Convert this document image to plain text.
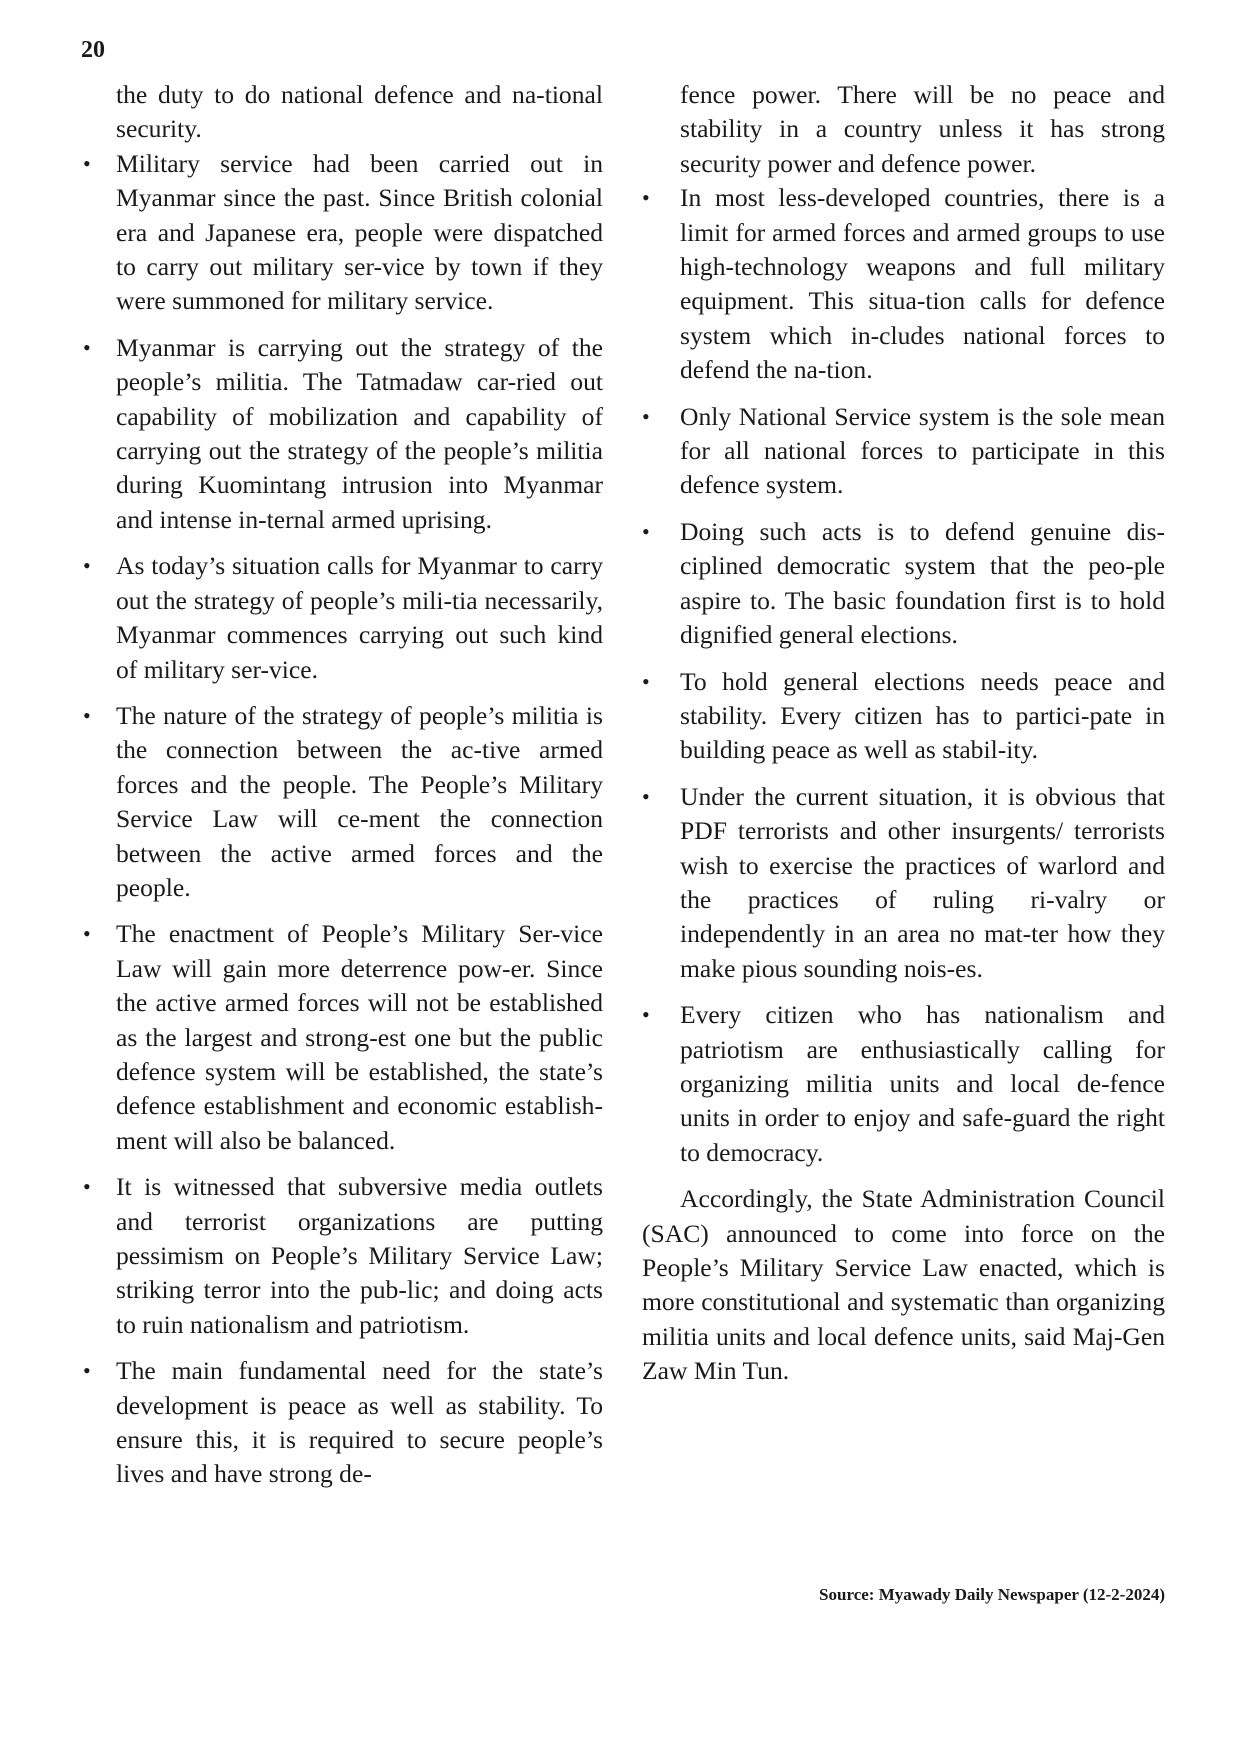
20

the duty to do national defence and na-tional security.

• Military service had been carried out in Myanmar since the past. Since British colonial era and Japanese era, people were dispatched to carry out military ser-vice by town if they were summoned for military service.
• Myanmar is carrying out the strategy of the people’s militia. The Tatmadaw car-ried out capability of mobilization and capability of carrying out the strategy of the people’s militia during Kuomintang intrusion into Myanmar and intense in-ternal armed uprising.
• As today’s situation calls for Myanmar to carry out the strategy of people’s mili-tia necessarily, Myanmar commences carrying out such kind of military ser-vice.
• The nature of the strategy of people’s militia is the connection between the ac-tive armed forces and the people. The People’s Military Service Law will ce-ment the connection between the active armed forces and the people.
• The enactment of People’s Military Ser-vice Law will gain more deterrence pow-er. Since the active armed forces will not be established as the largest and strong-est one but the public defence system will be established, the state’s defence establishment and economic establish-ment will also be balanced.
• It is witnessed that subversive media outlets and terrorist organizations are putting pessimism on People’s Military Service Law; striking terror into the pub-lic; and doing acts to ruin nationalism and patriotism.
• The main fundamental need for the state’s development is peace as well as stability. To ensure this, it is required to secure people’s lives and have strong de-

fence power. There will be no peace and stability in a country unless it has strong security power and defence power.

• In most less-developed countries, there is a limit for armed forces and armed groups to use high-technology weapons and full military equipment. This situa-tion calls for defence system which in-cludes national forces to defend the na-tion.
• Only National Service system is the sole mean for all national forces to participate in this defence system.
• Doing such acts is to defend genuine dis-ciplined democratic system that the peo-ple aspire to. The basic foundation first is to hold dignified general elections.
• To hold general elections needs peace and stability. Every citizen has to partici-pate in building peace as well as stabil-ity.
• Under the current situation, it is obvious that PDF terrorists and other insurgents/ terrorists wish to exercise the practices of warlord and the practices of ruling ri-valry or independently in an area no mat-ter how they make pious sounding nois-es.
• Every citizen who has nationalism and patriotism are enthusiastically calling for organizing militia units and local de-fence units in order to enjoy and safe-guard the right to democracy.

Accordingly, the State Administration Council (SAC) announced to come into force on the People’s Military Service Law enacted, which is more constitutional and systematic than organizing militia units and local defence units, said Maj-Gen Zaw Min Tun.

Source: Myawady Daily Newspaper (12-2-2024)
